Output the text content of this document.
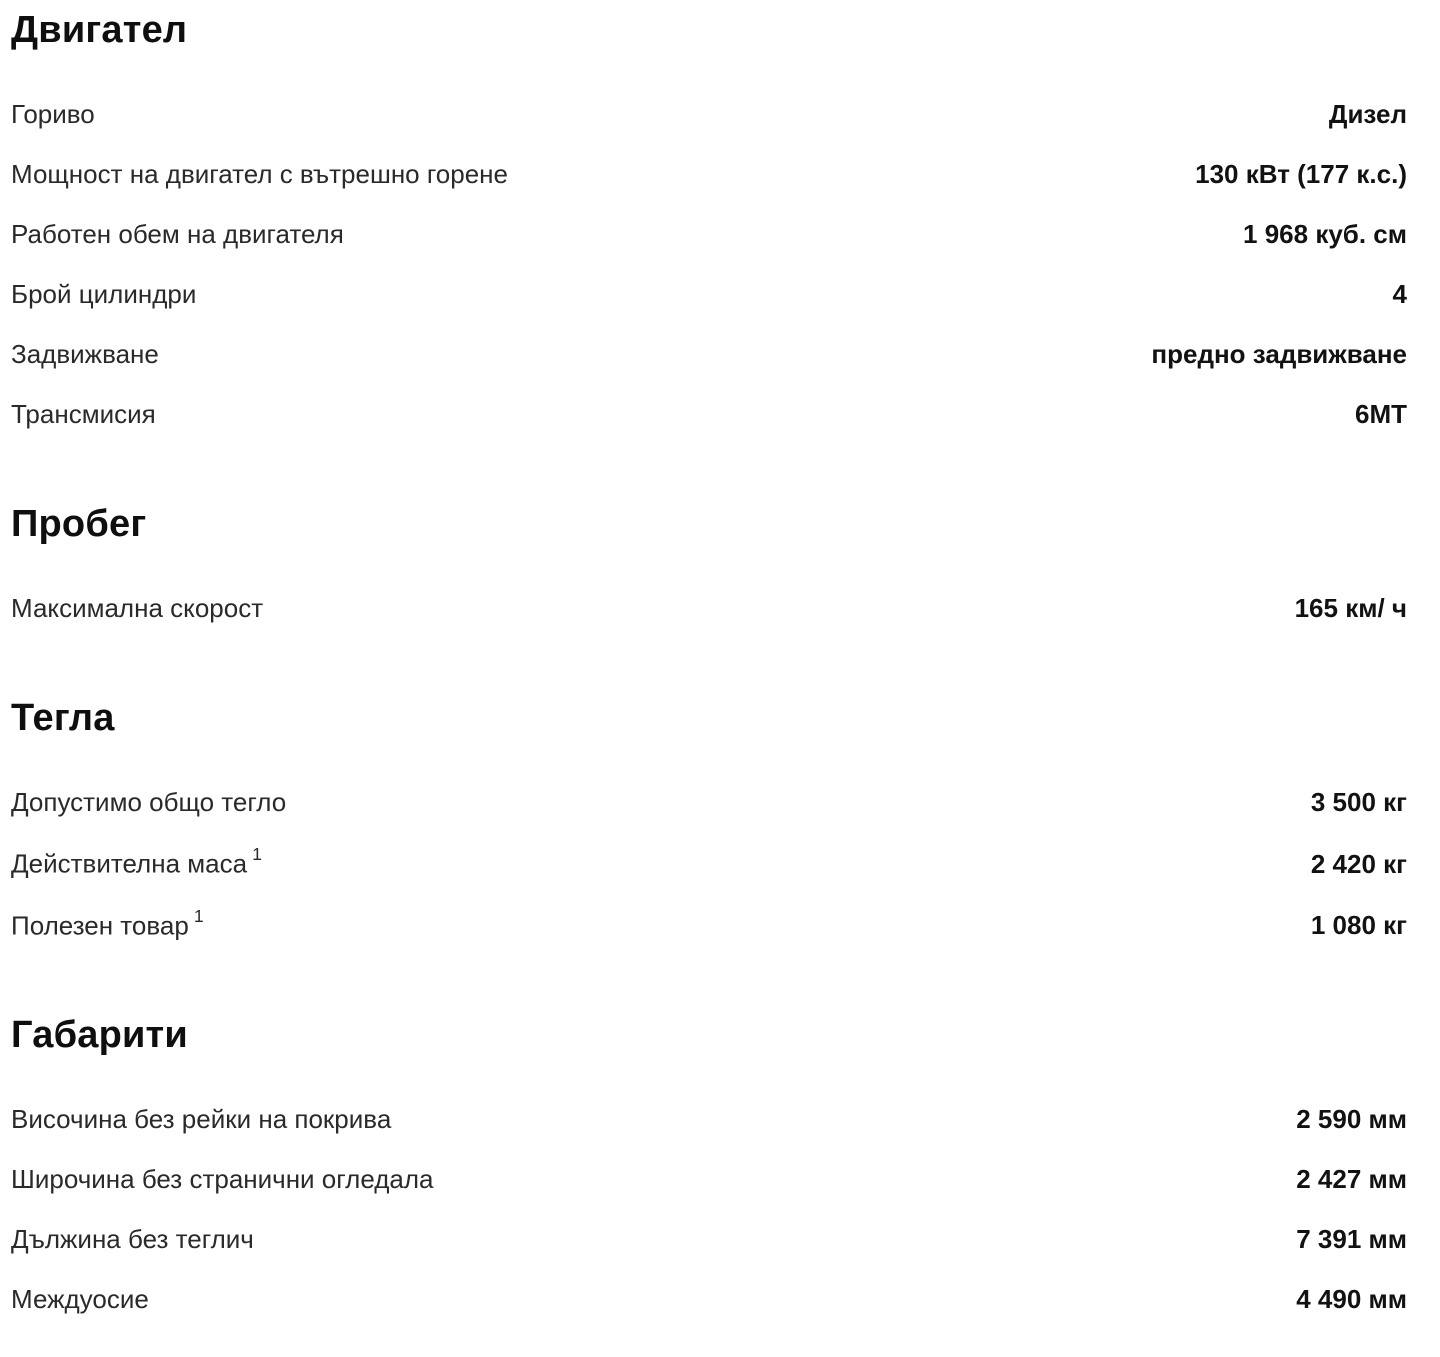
Двигател
Гориво	Дизел
Мощност на двигател с вътрешно горене	130 кВт (177 к.с.)
Работен обем на двигателя	1 968 куб. см
Брой цилиндри	4
Задвижване	предно задвижване
Трансмисия	6MT
Пробег
Максимална скорост	165 км/ ч
Тегла
Допустимо общо тегло	3 500 кг
Действителна маса $^1$	2 420 кг
Полезен товар $^1$	1 080 кг
Габарити
Височина без рейки на покрива	2 590 мм
Широчина без странични огледала	2 427 мм
Дължина без теглич	7 391 мм
Междуосие	4 490 мм
